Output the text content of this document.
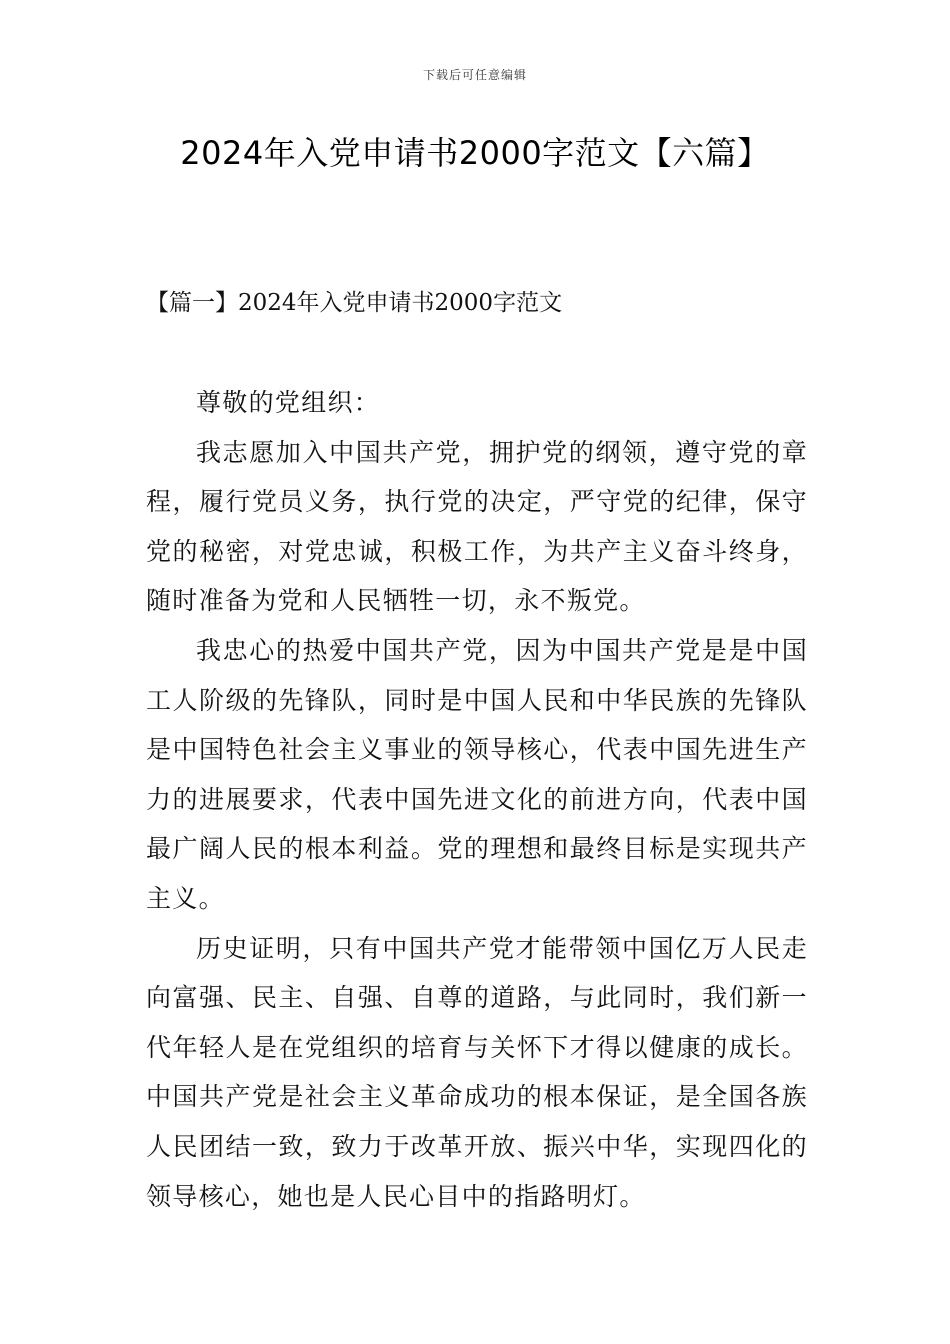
下载后可任意编辑
2024年入党申请书2000字范文【六篇】
【篇一】2024年入党申请书2000字范文

尊敬的党组织：

我志愿加入中国共产党，拥护党的纲领，遵守党的章程，履行党员义务，执行党的决定，严守党的纪律，保守党的秘密，对党忠诚，积极工作，为共产主义奋斗终身，随时准备为党和人民牺牲一切，永不叛党。

我忠心的热爱中国共产党，因为中国共产党是是中国工人阶级的先锋队，同时是中国人民和中华民族的先锋队是中国特色社会主义事业的领导核心，代表中国先进生产力的进展要求，代表中国先进文化的前进方向，代表中国最广阔人民的根本利益。党的理想和最终目标是实现共产主义。

历史证明，只有中国共产党才能带领中国亿万人民走向富强、民主、自强、自尊的道路，与此同时，我们新一代年轻人是在党组织的培育与关怀下才得以健康的成长。中国共产党是社会主义革命成功的根本保证，是全国各族人民团结一致，致力于改革开放、振兴中华，实现四化的领导核心，她也是人民心目中的指路明灯。
